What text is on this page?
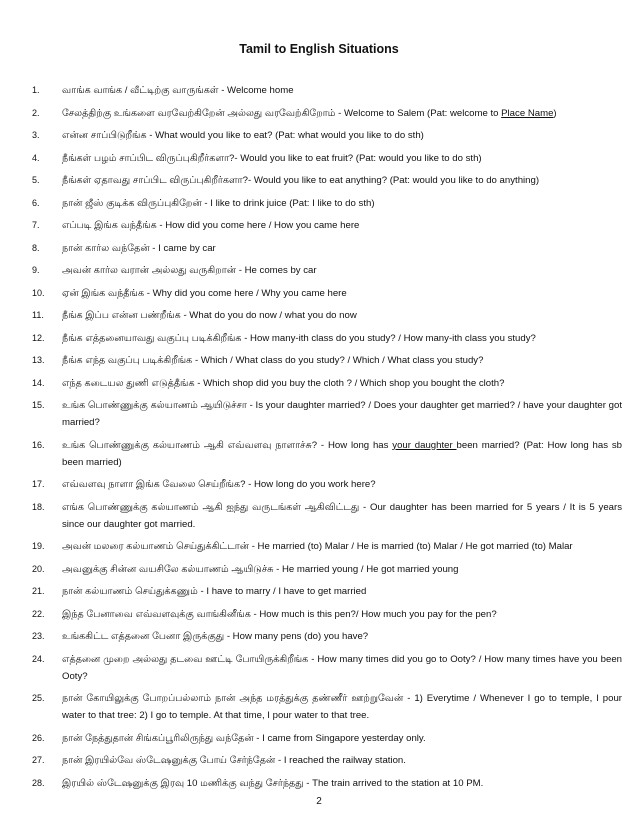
Tamil to English Situations
1.	வாங்க வாங்க / வீட்டிற்கு வாருங்கள் - Welcome home
2.	சேலத்திற்கு உங்களை வரவேற்கிறேன் அல்லது வரவேற்கிறோம் - Welcome to Salem (Pat: welcome to Place Name)
3.	என்ன சாப்பிடுறீங்க - What would you like to eat? (Pat: what would you like to do sth)
4.	நீங்கள் பழம் சாப்பிட விருப்புகிறீர்களா?- Would you like to eat fruit? (Pat: would you like to do sth)
5.	நீங்கள் ஏதாவது சாப்பிட விருப்புகிறீர்களா?- Would you like to eat anything? (Pat: would you like to do anything)
6.	நான் ஜீஸ் குடிக்க விருப்புகிறேன் - I like to drink juice (Pat: I like to do sth)
7.	எப்படி இங்க வந்தீங்க - How did you come here / How you came here
8.	நான் கார்ல வந்தேன் - I came by car
9.	அவன் கார்ல வரான் அல்லது வருகிறான் - He comes by car
10.	ஏன் இங்க வந்தீங்க - Why did you come here / Why you came here
11.	நீங்க இப்ப என்ன பண்றீங்க - What do you do now / what you do now
12.	நீங்க எத்தனையாவது வகுப்பு படிக்கிறீங்க - How many-ith class do you study? / How many-ith class you study?
13.	நீங்க எந்த வகுப்பு படிக்கிறீங்க - Which / What class do you study? / Which / What class you study?
14.	எந்த கடையல துணி எடுத்தீங்க - Which shop did you buy the cloth ? / Which shop you bought the cloth?
15.	உங்க பொண்ணுக்கு கல்யாணம் ஆயிடுச்சா - Is your daughter married? / Does your daughter get married? / have your daughter got married?
16.	உங்க பொண்ணுக்கு கல்யாணம் ஆகி எவ்வளவு நாளாச்சு? - How long has your daughter been married? (Pat: How long has sb been married)
17.	எவ்வளவு நாளா இங்க வேலை செய்றீங்க? - How long do you work here?
18.	எங்க பொண்ணுக்கு கல்யாணம் ஆகி ஐந்து வருடங்கள் ஆகிவிட்டது - Our daughter has been married for 5 years / It is 5 years since our daughter got married.
19.	அவன் மலரை கல்யாணம் செய்துக்கிட்டான் - He married (to) Malar / He is married (to) Malar / He got married (to) Malar
20.	அவனுக்கு சின்ன வயசிலே கல்யாணம் ஆயிடுச்சு - He married young / He got married young
21.	நான் கல்யாணம் செய்துக்கணும் - I have to marry / I have to get married
22.	இந்த பேனாவை எவ்வளவுக்கு வாங்கினீங்க - How much is this pen?/ How much you pay for the pen?
23.	உங்ககிட்ட எத்தனை பேனா இருக்குது - How many pens (do) you have?
24.	எத்தனை முறை அல்லது தடவை ஊட்டி போயிருக்கிறீங்க - How many times did you go to Ooty? / How many times have you been Ooty?
25.	நான் கோயிலுக்கு போறப்பல்லாம் நான் அந்த மரத்துக்கு தண்ணீர் ஊற்றுவேன் - 1) Everytime / Whenever I go to temple, I pour water to that tree: 2) I go to temple. At that time, I pour water to that tree.
26.	நான் நேத்துதான் சிங்கப்பூரிலிருந்து வந்தேன் - I came from Singapore yesterday only.
27.	நான் இரயில்வே ஸ்டேஷனுக்கு போய் சேர்ந்தேன் - I reached the railway station.
28.	இரயில் ஸ்டேஷனுக்கு இரவு 10 மணிக்கு வந்து சேர்ந்தது - The train arrived to the station at 10 PM.
2
